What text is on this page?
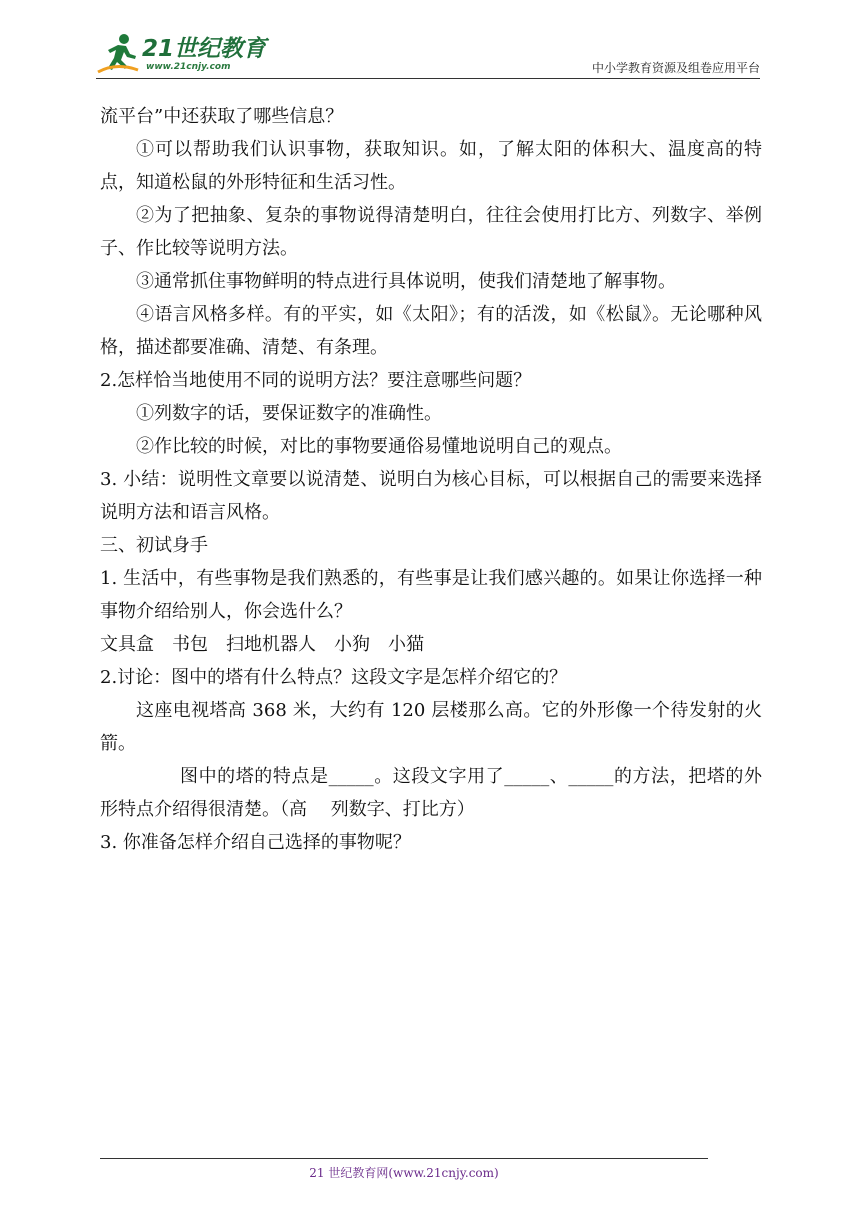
21世纪教育
www.21cnjy.com	中小学教育资源及组卷应用平台

流平台”中还获取了哪些信息？

①可以帮助我们认识事物，获取知识。如，了解太阳的体积大、温度高的特点，知道松鼠的外形特征和生活习性。

②为了把抽象、复杂的事物说得清楚明白，往往会使用打比方、列数字、举例子、作比较等说明方法。

③通常抓住事物鲜明的特点进行具体说明，使我们清楚地了解事物。

④语言风格多样。有的平实，如《太阳》；有的活泼，如《松鼠》。无论哪种风格，描述都要准确、清楚、有条理。

2.怎样恰当地使用不同的说明方法？要注意哪些问题？

①列数字的话，要保证数字的准确性。

②作比较的时候，对比的事物要通俗易懂地说明自己的观点。

3. 小结：说明性文章要以说清楚、说明白为核心目标，可以根据自己的需要来选择说明方法和语言风格。

三、初试身手

1. 生活中，有些事物是我们熟悉的，有些事是让我们感兴趣的。如果让你选择一种事物介绍给别人，你会选什么？

文具盒　书包　扫地机器人　小狗　小猫

2.讨论：图中的塔有什么特点？这段文字是怎样介绍它的？

这座电视塔高 368 米，大约有 120 层楼那么高。它的外形像一个待发射的火箭。

图中的塔的特点是_____。这段文字用了_____、_____的方法，把塔的外形特点介绍得很清楚。（高　 列数字、打比方）

3. 你准备怎样介绍自己选择的事物呢？

21 世纪教育网(www.21cnjy.com)
